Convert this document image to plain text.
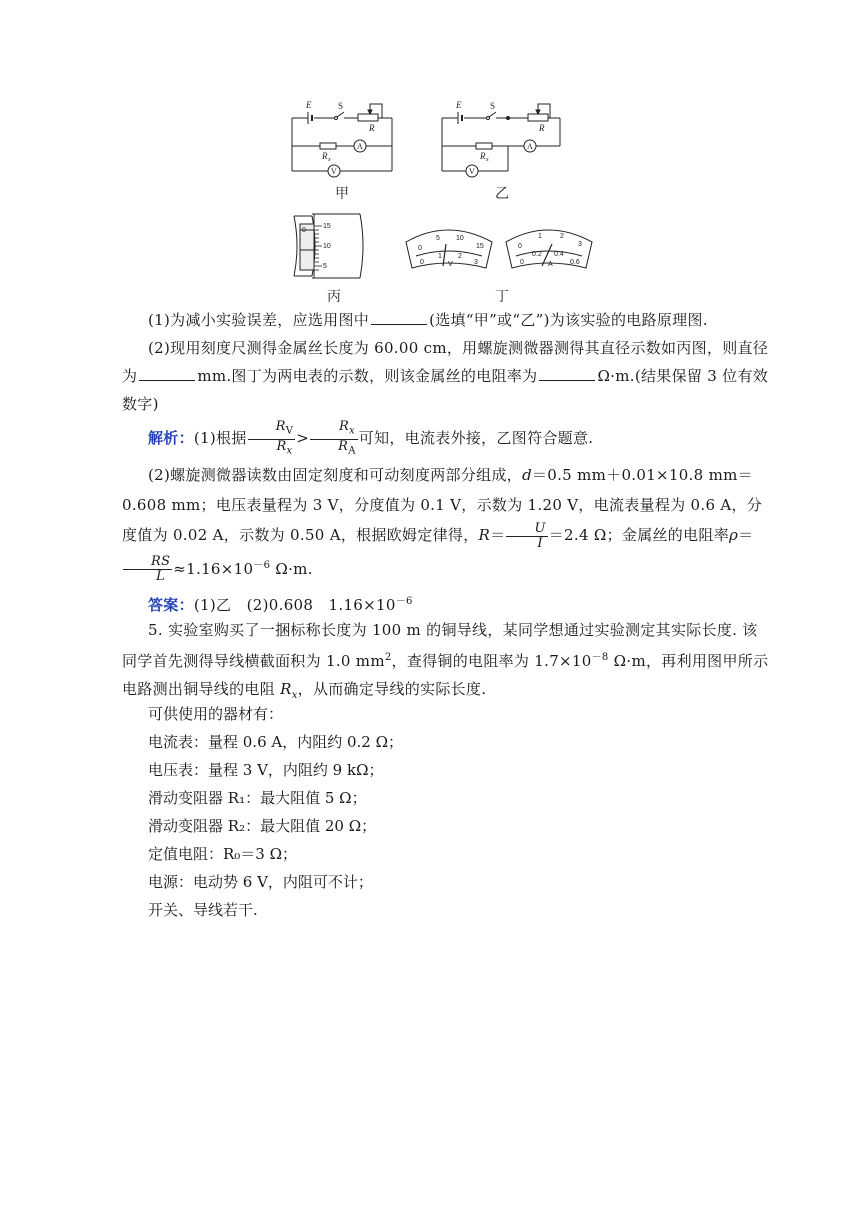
E	S
R
R x
A
V
甲
E	S
R
R x
A
V
乙
0
15
10
5
丙
0
5 10
15
0
1 2
3
V
0
1	2
3
0
0.2 0.4
0.6
A
丁
(1)为减小实验误差，应选用图中	(选填“甲”或“乙”)为该实验的电路原理图.
(2)现用刻度尺测得金属丝长度为 60.00 cm，用螺旋测微器测得其直径示数如丙图，则直径为	mm.图丁为两电表的示数，则该金属丝的电阻率为	Ω·m.(结果保留 3 位有效数字)
解析：(1)根据 $\frac{R_V}{R_x} > \frac{R_x}{R_A}$ 可知，电流表外接，乙图符合题意.
(2)螺旋测微器读数由固定刻度和可动刻度两部分组成，d＝0.5 mm＋0.01×10.8 mm＝0.608 mm；电压表量程为 3 V，分度值为 0.1 V，示数为 1.20 V，电流表量程为 0.6 A，分度值为 0.02 A，示数为 0.50 A，根据欧姆定律得，$R= \frac{U}{I} =2.4$ Ω；金属丝的电阻率ρ＝
$\frac{RS}{L} \approx 1.16\times 10^{-6}$ Ω·m.
答案：(1)乙　(2)0.608　$1.16\times 10^{-6}$
5. 实验室购买了一捆标称长度为 100 m 的铜导线，某同学想通过实验测定其实际长度. 该同学首先测得导线横截面积为 1.0 $mm^2$，查得铜的电阻率为 $1.7\times 10^{-8}$ Ω·m，再利用图甲所示电路测出铜导线的电阻 $R_x$，从而确定导线的实际长度.
可供使用的器材有：
电流表：量程 0.6 A，内阻约 0.2 Ω；
电压表：量程 3 V，内阻约 9 kΩ；
滑动变阻器 R₁：最大阻值 5 Ω；
滑动变阻器 R₂：最大阻值 20 Ω；
定值电阻：R₀＝3 Ω；
电源：电动势 6 V，内阻可不计；
开关、导线若干.
